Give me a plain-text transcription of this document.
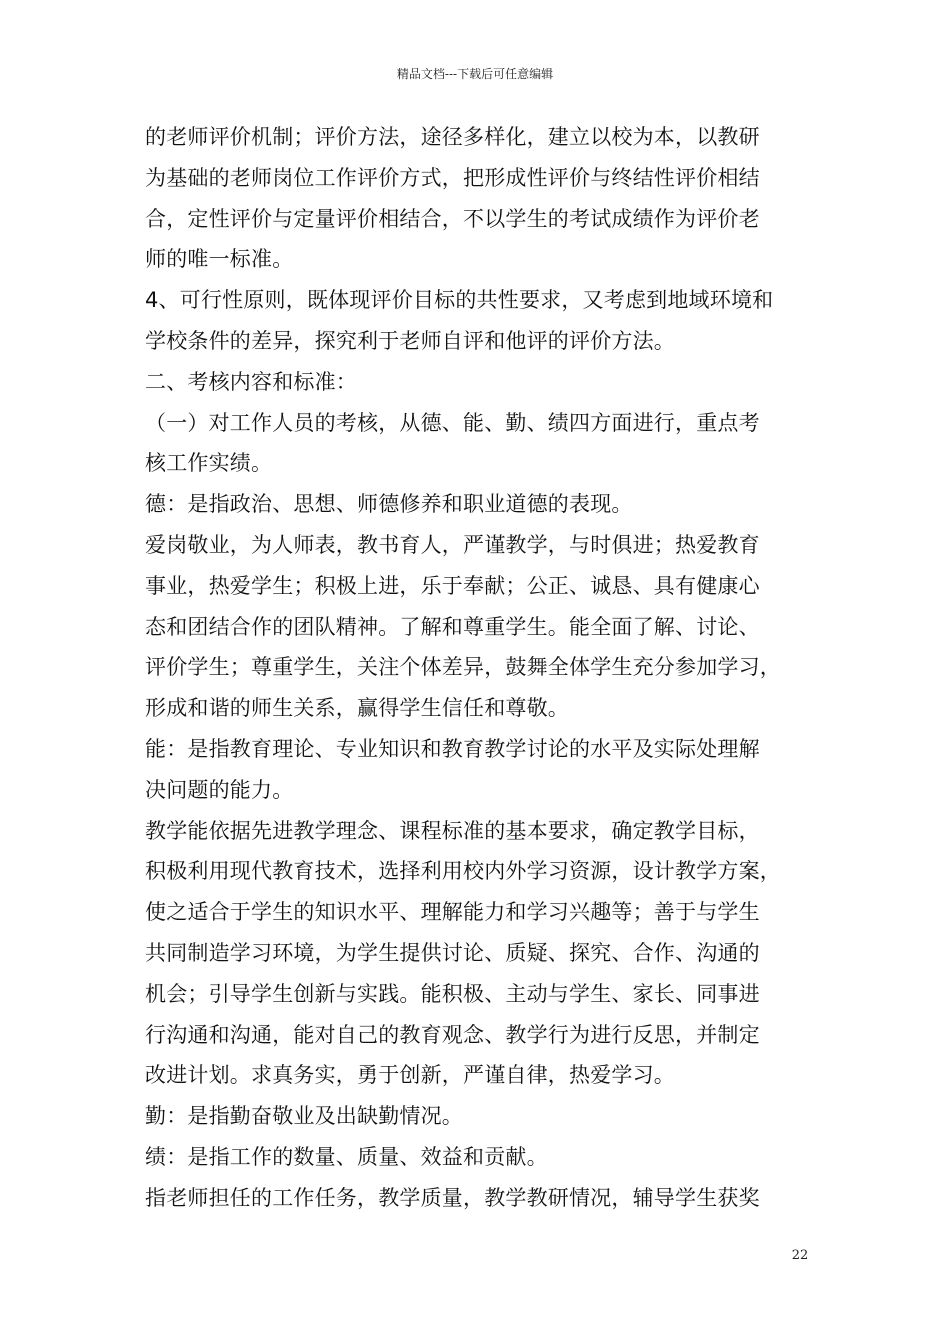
精品文档---下载后可任意编辑
的老师评价机制；评价方法，途径多样化，建立以校为本，以教研
为基础的老师岗位工作评价方式，把形成性评价与终结性评价相结
合，定性评价与定量评价相结合，不以学生的考试成绩作为评价老
师的唯一标准。
4、可行性原则，既体现评价目标的共性要求，又考虑到地域环境和
学校条件的差异，探究利于老师自评和他评的评价方法。
二、考核内容和标准：
（一）对工作人员的考核，从德、能、勤、绩四方面进行，重点考
核工作实绩。
德：是指政治、思想、师德修养和职业道德的表现。
爱岗敬业，为人师表，教书育人，严谨教学，与时俱进；热爱教育
事业，热爱学生；积极上进，乐于奉献；公正、诚恳、具有健康心
态和团结合作的团队精神。了解和尊重学生。能全面了解、讨论、
评价学生；尊重学生，关注个体差异，鼓舞全体学生充分参加学习，
形成和谐的师生关系，赢得学生信任和尊敬。
能：是指教育理论、专业知识和教育教学讨论的水平及实际处理解
决问题的能力。
教学能依据先进教学理念、课程标准的基本要求，确定教学目标，
积极利用现代教育技术，选择利用校内外学习资源，设计教学方案，
使之适合于学生的知识水平、理解能力和学习兴趣等；善于与学生
共同制造学习环境，为学生提供讨论、质疑、探究、合作、沟通的
机会；引导学生创新与实践。能积极、主动与学生、家长、同事进
行沟通和沟通，能对自己的教育观念、教学行为进行反思，并制定
改进计划。求真务实，勇于创新，严谨自律，热爱学习。
勤：是指勤奋敬业及出缺勤情况。
绩：是指工作的数量、质量、效益和贡献。
指老师担任的工作任务，教学质量，教学教研情况，辅导学生获奖
22
